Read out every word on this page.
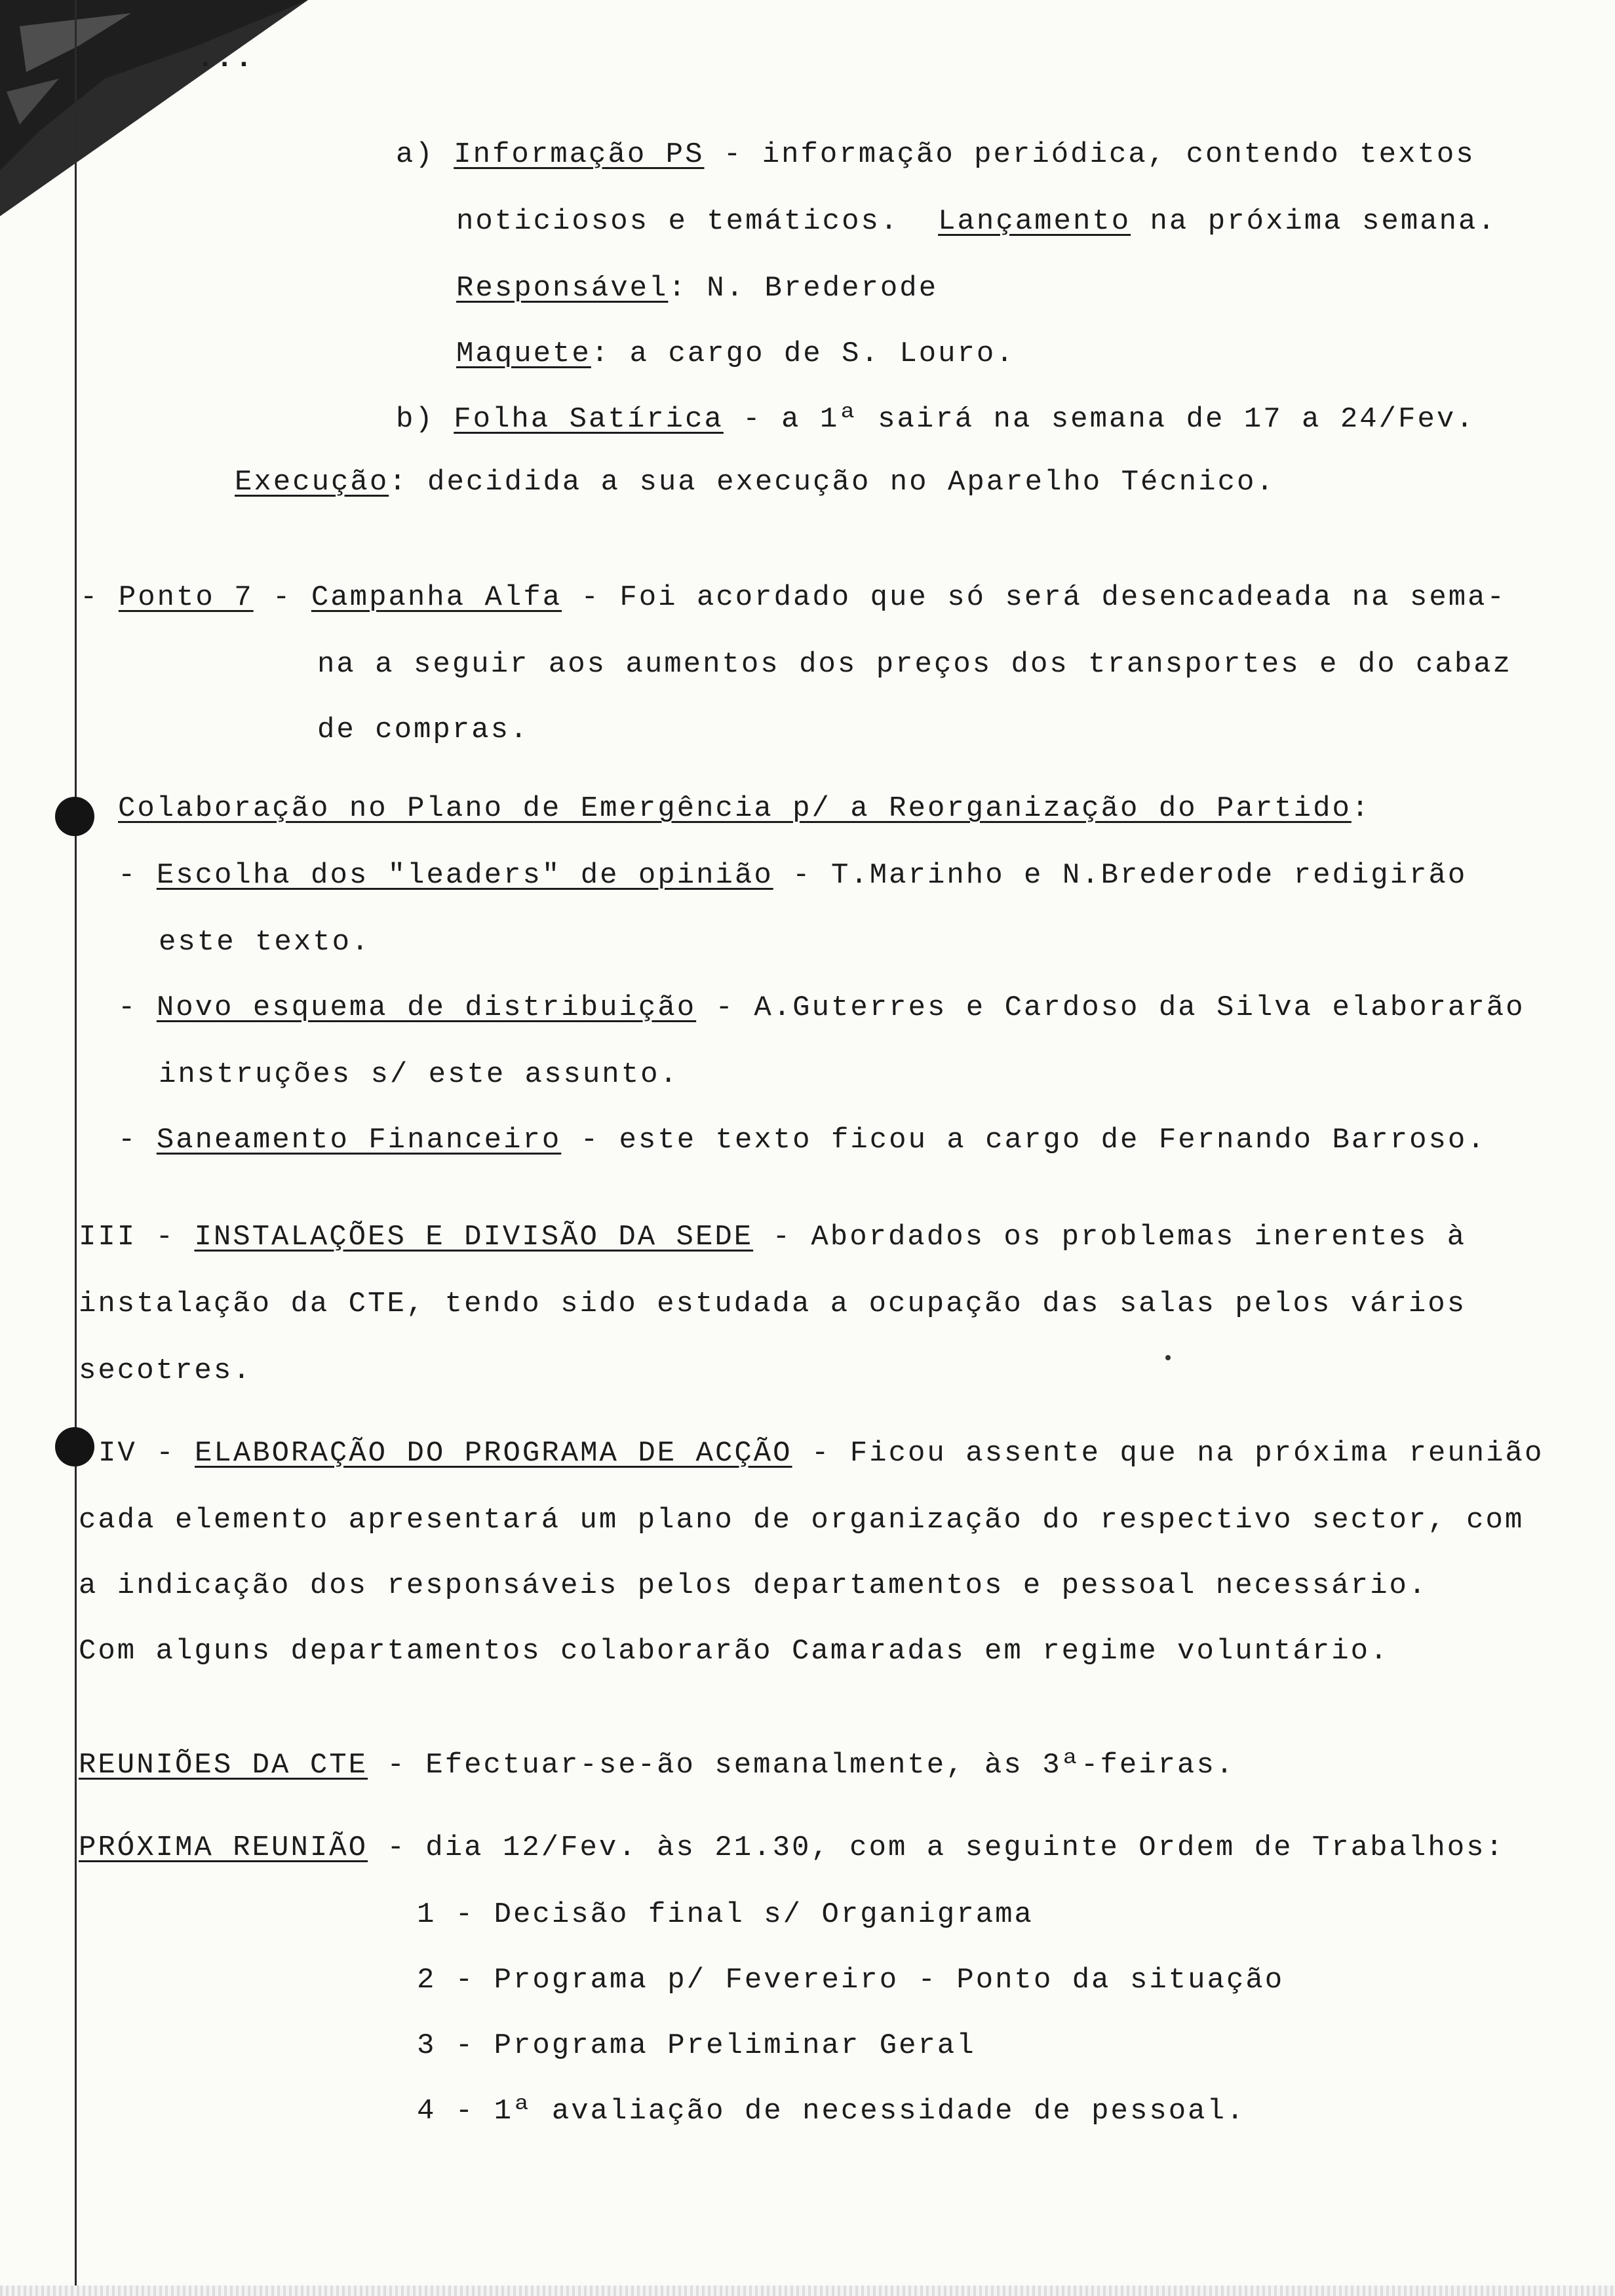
...
a) Informação PS - informação periódica, contendo textos
noticiosos e temáticos.  Lançamento na próxima semana.
Responsável: N. Brederode
Maquete: a cargo de S. Louro.
b) Folha Satírica - a 1ª sairá na semana de 17 a 24/Fev.
Execução: decidida a sua execução no Aparelho Técnico.
- Ponto 7 - Campanha Alfa - Foi acordado que só será desencadeada na sema-
na a seguir aos aumentos dos preços dos transportes e do cabaz
de compras.
Colaboração no Plano de Emergência p/ a Reorganização do Partido:
- Escolha dos "leaders" de opinião - T.Marinho e N.Brederode redigirão
este texto.
- Novo esquema de distribuição - A.Guterres e Cardoso da Silva elaborarão
instruções s/ este assunto.
- Saneamento Financeiro - este texto ficou a cargo de Fernando Barroso.
III - INSTALAÇÕES E DIVISÃO DA SEDE - Abordados os problemas inerentes à
instalação da CTE, tendo sido estudada a ocupação das salas pelos vários
secotres.
IV - ELABORAÇÃO DO PROGRAMA DE ACÇÃO - Ficou assente que na próxima reunião
cada elemento apresentará um plano de organização do respectivo sector, com
a indicação dos responsáveis pelos departamentos e pessoal necessário.
Com alguns departamentos colaborarão Camaradas em regime voluntário.
REUNIÕES DA CTE - Efectuar-se-ão semanalmente, às 3ª-feiras.
PRÓXIMA REUNIÃO - dia 12/Fev. às 21.30, com a seguinte Ordem de Trabalhos:
1 - Decisão final s/ Organigrama
2 - Programa p/ Fevereiro - Ponto da situação
3 - Programa Preliminar Geral
4 - 1ª avaliação de necessidade de pessoal.
